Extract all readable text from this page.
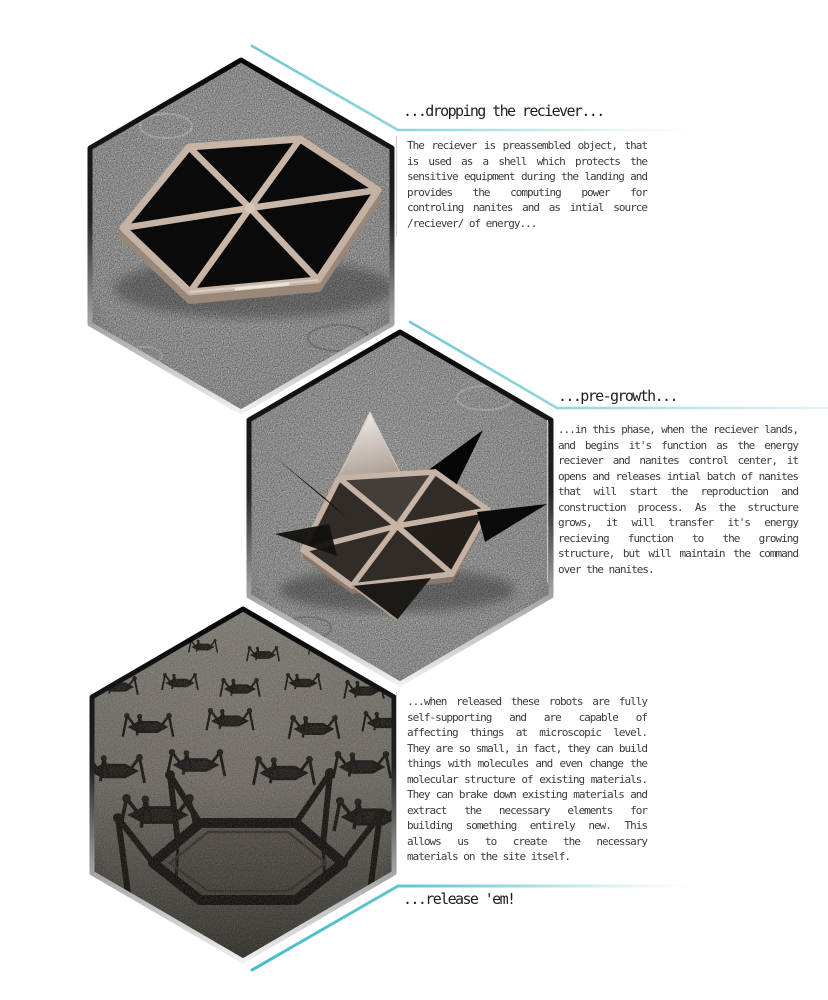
...dropping the reciever...

The reciever is preassembled object, that is used as a shell which protects the sensitive equipment during the landing and provides the computing power for controling nanites and as intial source /reciever/ of energy...

...pre-growth...

...in this phase, when the reciever lands, and begins it's function as the energy reciever and nanites control center, it opens and releases intial batch of nanites that will start the reproduction and construction process. As the structure grows, it will transfer it's energy recieving function to the growing structure, but will maintain the command over the nanites.

...when released these robots are fully self-supporting and are capable of affecting things at microscopic level. They are so small, in fact, they can build things with molecules and even change the molecular structure of existing materials. They can brake down existing materials and extract the necessary elements for building something entirely new. This allows us to create the necessary materials on the site itself.

...release 'em!
